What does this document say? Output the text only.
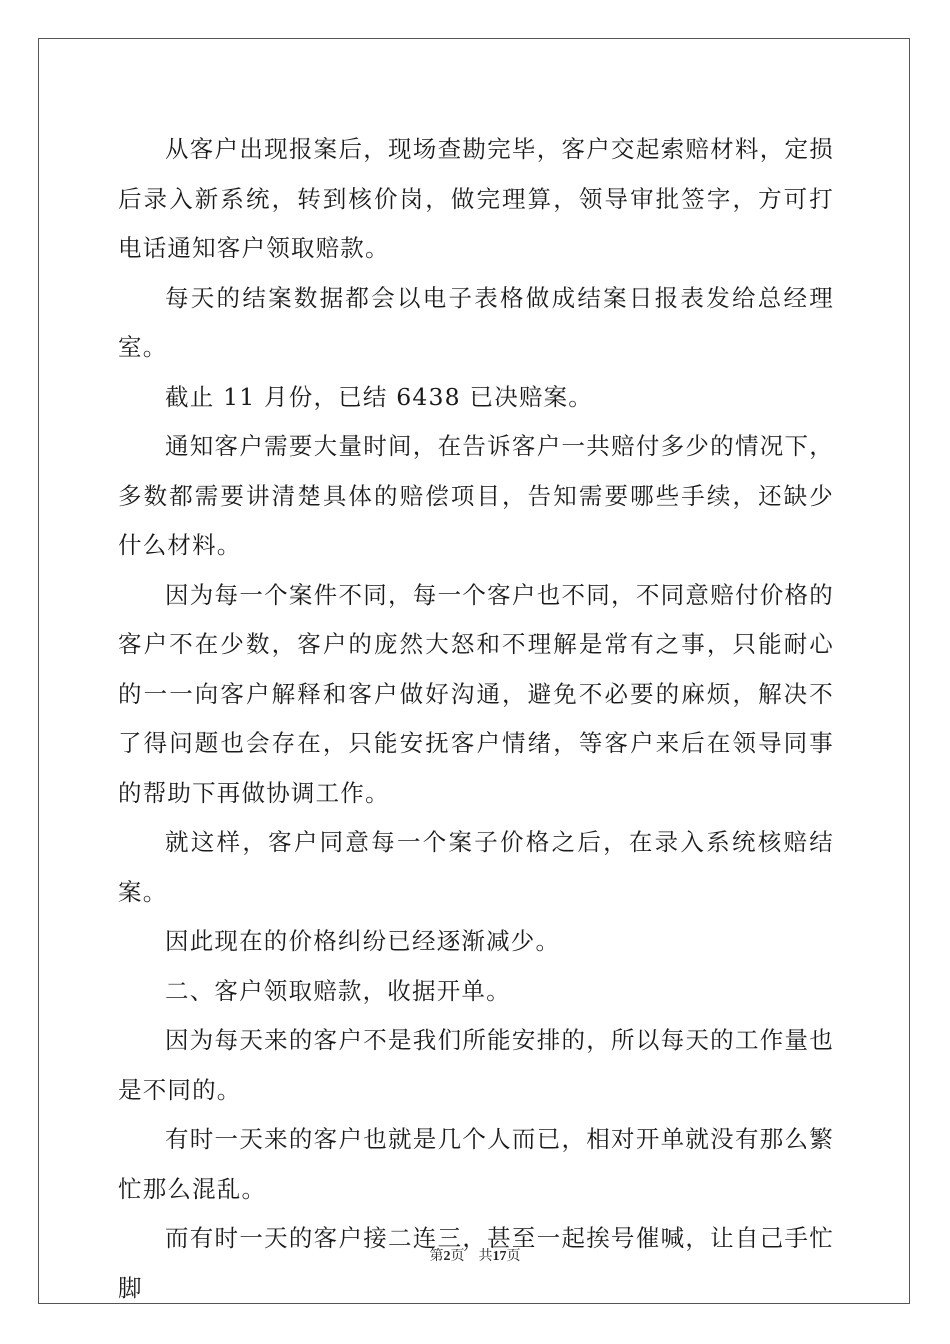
从客户出现报案后，现场查勘完毕，客户交起索赔材料，定损后录入新系统，转到核价岗，做完理算，领导审批签字，方可打电话通知客户领取赔款。

每天的结案数据都会以电子表格做成结案日报表发给总经理室。

截止 11 月份，已结 6438 已决赔案。

通知客户需要大量时间，在告诉客户一共赔付多少的情况下，多数都需要讲清楚具体的赔偿项目，告知需要哪些手续，还缺少什么材料。

因为每一个案件不同，每一个客户也不同，不同意赔付价格的客户不在少数，客户的庞然大怒和不理解是常有之事，只能耐心的一一向客户解释和客户做好沟通，避免不必要的麻烦，解决不了得问题也会存在，只能安抚客户情绪，等客户来后在领导同事的帮助下再做协调工作。

就这样，客户同意每一个案子价格之后，在录入系统核赔结案。

因此现在的价格纠纷已经逐渐减少。

二、客户领取赔款，收据开单。

因为每天来的客户不是我们所能安排的，所以每天的工作量也是不同的。

有时一天来的客户也就是几个人而已，相对开单就没有那么繁忙那么混乱。

而有时一天的客户接二连三，甚至一起挨号催喊，让自己手忙脚

第2页 共17页
